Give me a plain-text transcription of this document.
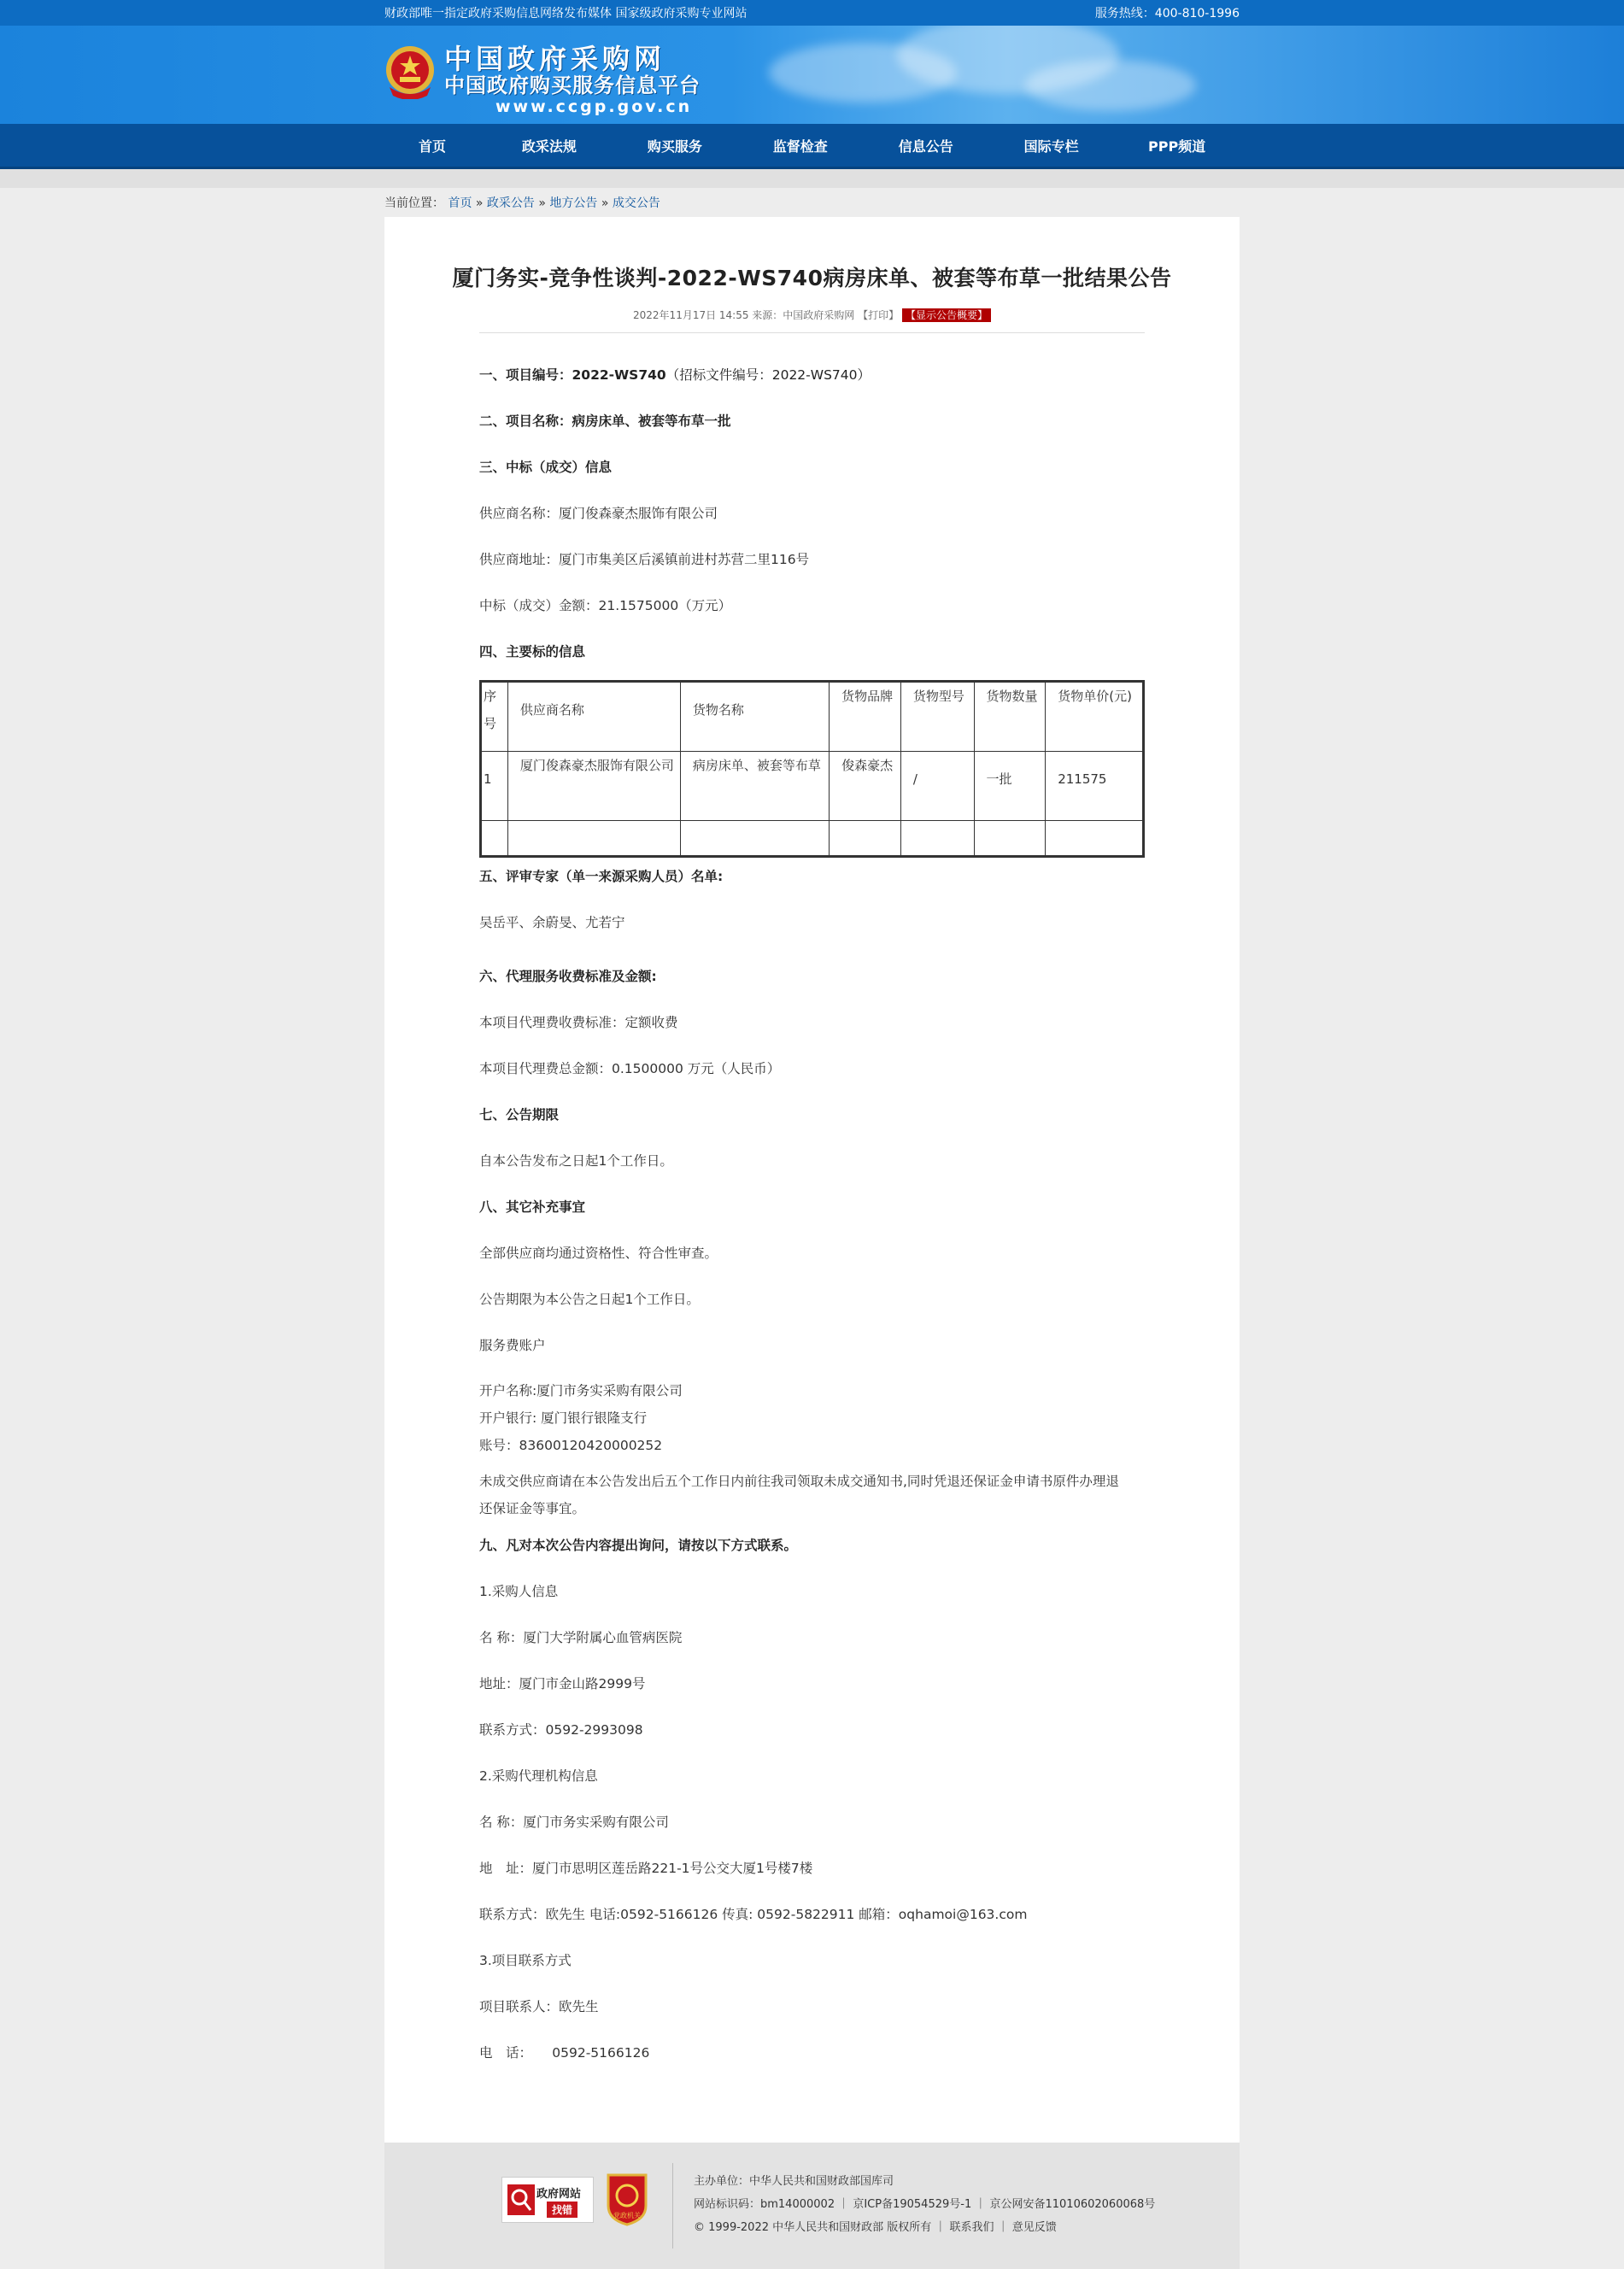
财政部唯一指定政府采购信息网络发布媒体 国家级政府采购专业网站	服务热线：400-810-1996
中国政府采购网
中国政府购买服务信息平台
www.ccgp.gov.cn
首页	政采法规	购买服务	监督检查	信息公告	国际专栏	PPP频道
当前位置： 首页 » 政采公告 » 地方公告 » 成交公告
厦门务实-竞争性谈判-2022-WS740病房床单、被套等布草一批结果公告
2022年11月17日 14:55 来源：中国政府采购网 【打印】 【显示公告概要】

一、项目编号：2022-WS740（招标文件编号：2022-WS740）

二、项目名称：病房床单、被套等布草一批

三、中标（成交）信息

供应商名称：厦门俊森豪杰服饰有限公司

供应商地址：厦门市集美区后溪镇前进村苏营二里116号

中标（成交）金额：21.1575000（万元）

四、主要标的信息

序号	供应商名称	货物名称	货物品牌	货物型号	货物数量	货物单价(元)
1	厦门俊森豪杰服饰有限公司	病房床单、被套等布草	俊森豪杰	/	一批	211575

五、评审专家（单一来源采购人员）名单:

吴岳平、余蔚旻、尤若宁

六、代理服务收费标准及金额:

本项目代理费收费标准：定额收费

本项目代理费总金额：0.1500000 万元（人民币）

七、公告期限

自本公告发布之日起1个工作日。

八、其它补充事宜

全部供应商均通过资格性、符合性审查。

公告期限为本公告之日起1个工作日。

服务费账户

开户名称:厦门市务实采购有限公司

开户银行: 厦门银行银隆支行

账号：83600120420000252

未成交供应商请在本公告发出后五个工作日内前往我司领取未成交通知书,同时凭退还保证金申请书原件办理退

还保证金等事宜。

九、凡对本次公告内容提出询问，请按以下方式联系。

1.采购人信息

名 称：厦门大学附属心血管病医院

地址：厦门市金山路2999号

联系方式：0592-2993098

2.采购代理机构信息

名 称：厦门市务实采购有限公司

地　址：厦门市思明区莲岳路221-1号公交大厦1号楼7楼

联系方式：欧先生 电话:0592-5166126 传真: 0592-5822911 邮箱：oqhamoi@163.com

3.项目联系方式

项目联系人：欧先生

电　话：　　0592-5166126

政府网站
找错	党政机关
主办单位：中华人民共和国财政部国库司
网站标识码：bm14000002 ｜ 京ICP备19054529号-1 ｜ 京公网安备11010602060068号
© 1999-2022 中华人民共和国财政部 版权所有 ｜ 联系我们 ｜ 意见反馈
